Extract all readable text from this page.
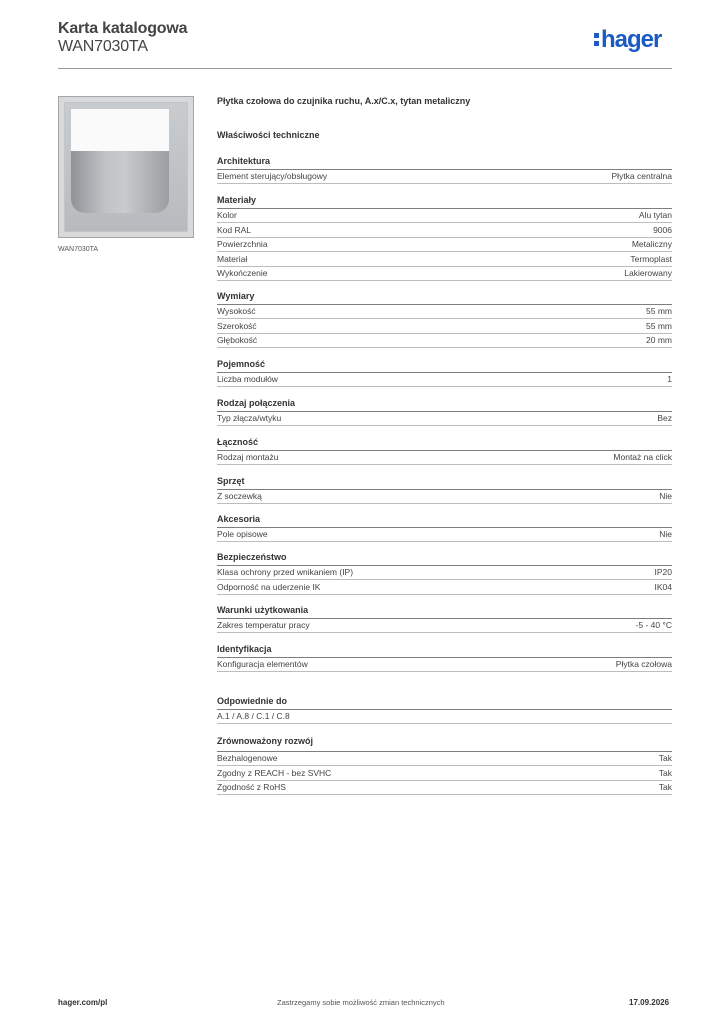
Karta katalogowa
WAN7030TA	hager
WAN7030TA
Płytka czołowa do czujnika ruchu, A.x/C.x, tytan metaliczny
Właściwości techniczne
Architektura
Element sterujący/obsługowy	Płytka centralna
Materiały
Kolor	Alu tytan
Kod RAL	9006
Powierzchnia	Metaliczny
Materiał	Termoplast
Wykończenie	Lakierowany
Wymiary
Wysokość	55 mm
Szerokość	55 mm
Głębokość	20 mm
Pojemność
Liczba modułów	1
Rodzaj połączenia
Typ złącza/wtyku	Bez
Łączność
Rodzaj montażu	Montaż na click
Sprzęt
Z soczewką	Nie
Akcesoria
Pole opisowe	Nie
Bezpieczeństwo
Klasa ochrony przed wnikaniem (IP)	IP20
Odporność na uderzenie IK	IK04
Warunki użytkowania
Zakres temperatur pracy	-5 - 40 °C
Identyfikacja
Konfiguracja elementów	Płytka czołowa
Odpowiednie do
A.1 / A.8 / C.1 / C.8
Zrównoważony rozwój
Bezhalogenowe	Tak
Zgodny z REACH - bez SVHC	Tak
Zgodność z RoHS	Tak
hager.com/pl	Zastrzegamy sobie możliwość zmian technicznych	17.09.2026
